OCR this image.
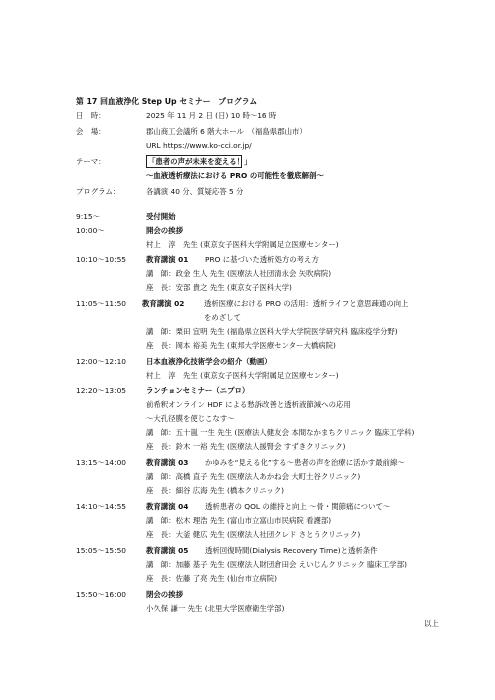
第 17 回血液浄化 Step Up セミナー　プログラム
日　時：	2025 年 11 月 2 日 (日) 10 時～16 時
会　場：	郡山商工会議所 6 階大ホール　（福島県郡山市）
URL https://www.ko-cci.or.jp/
テーマ：	「患者の声が未来を変える！」
～血液透析療法における PRO の可能性を徹底解剖～
プログラム：	各講演 40 分、質疑応答 5 分
9:15～	受付開始
10:00～	開会の挨拶
村上　淳　先生 (東京女子医科大学附属足立医療センター)
10:10～10:55	教育講演 01 PRO に基づいた透析処方の考え方
講　師：政金 生人 先生 (医療法人社団清永会 矢吹病院)
座　長：安部 貴之 先生 (東京女子医科大学)
11:05～11:50 教育講演 02	透析医療における PRO の活用：透析ライフと意思疎通の向上
をめざして
講　師：栗田 宜明 先生 (福島県立医科大学大学院医学研究科 臨床疫学分野)
座　長：岡本 裕美 先生 (東邦大学医療センター大橋病院)
12:00～12:10	日本血液浄化技術学会の紹介（動画）
村上　淳　先生 (東京女子医科大学附属足立医療センター)
12:20～13:05	ランチョンセミナー（ニプロ）
前希釈オンライン HDF による愁訴改善と透析液節減への応用
～大孔径膜を使じこなす～
講　師：五十嵐 一生 先生 (医療法人健友会 本間なかまちクリニック 臨床工学科)
座　長：鈴木 一裕 先生 (医療法人援腎会 すずきクリニック)
13:15～14:00	教育講演 03 かゆみを“見える化”する～患者の声を治療に活かす最前線～
講　師：高橋 直子 先生 (医療法人あかね会 大町土谷クリニック)
座　長：細谷 広海 先生 (橋本クリニック)
14:10～14:55	教育講演 04 透析患者の QOL の維持と向上 ～骨・関節痛について～
講　師：松木 理浩 先生 (富山市立富山市民病院 看護部)
座　長：大釜 健広 先生 (医療法人社団クレド さとうクリニック)
15:05～15:50	教育講演 05 透析回復時間(Dialysis Recovery Time)と透析条件
講　師：加藤 基子 先生 (医療法人財団倉田会 えいじんクリニック 臨床工学部)
座　長：佐藤 了亮 先生 (仙台市立病院)
15:50～16:00	閉会の挨拶
小久保 謙一 先生 (北里大学医療衛生学部)
以上
